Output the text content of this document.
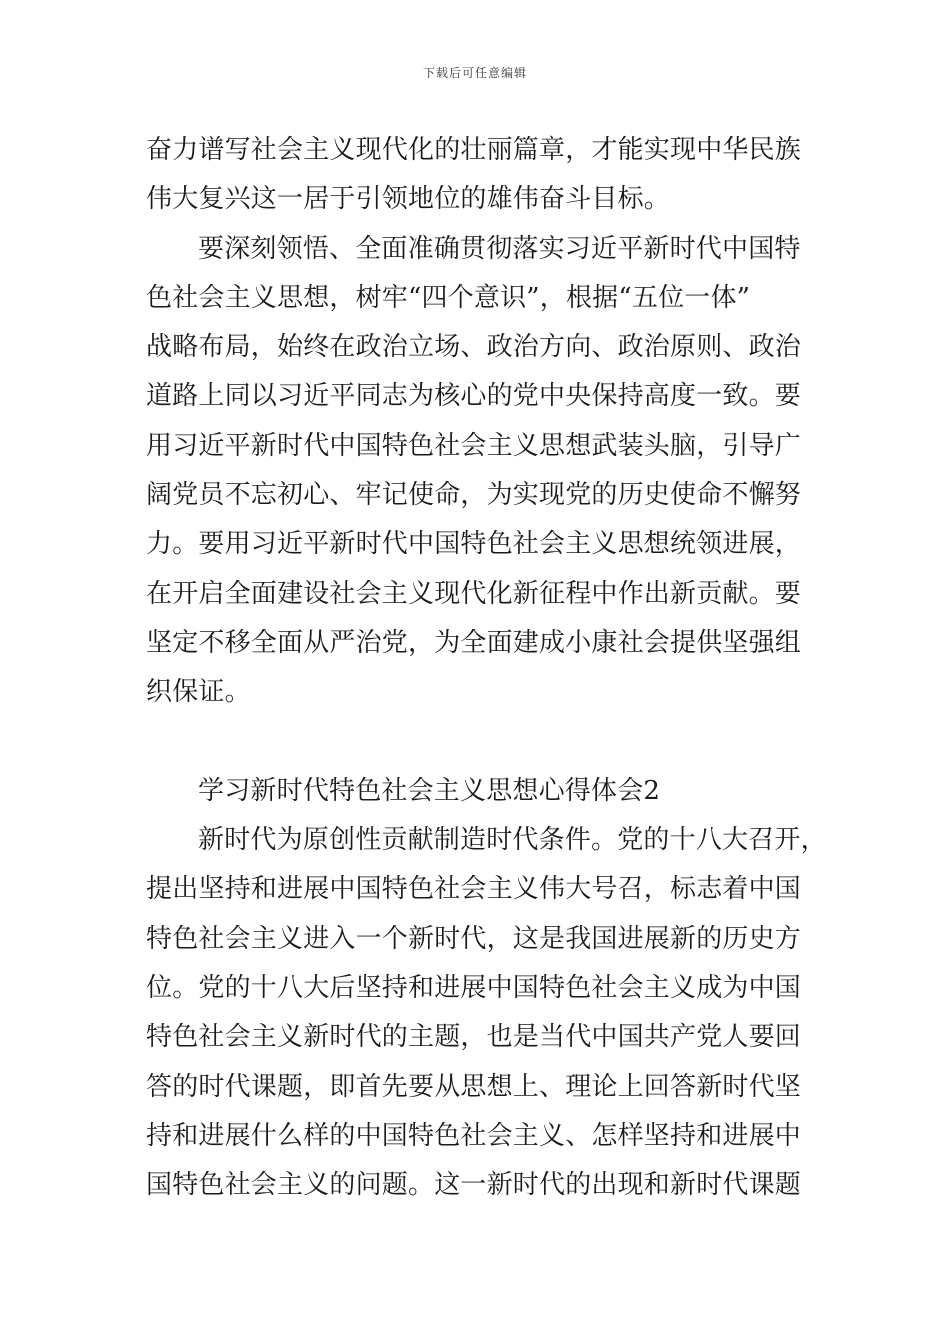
下载后可任意编辑
奋力谱写社会主义现代化的壮丽篇章，才能实现中华民族
伟大复兴这一居于引领地位的雄伟奋斗目标。
要深刻领悟、全面准确贯彻落实习近平新时代中国特
色社会主义思想，树牢“四个意识”，根据“五位一体”
战略布局，始终在政治立场、政治方向、政治原则、政治
道路上同以习近平同志为核心的党中央保持高度一致。要
用习近平新时代中国特色社会主义思想武装头脑，引导广
阔党员不忘初心、牢记使命，为实现党的历史使命不懈努
力。要用习近平新时代中国特色社会主义思想统领进展，
在开启全面建设社会主义现代化新征程中作出新贡献。要
坚定不移全面从严治党，为全面建成小康社会提供坚强组
织保证。
学习新时代特色社会主义思想心得体会2
新时代为原创性贡献制造时代条件。党的十八大召开，
提出坚持和进展中国特色社会主义伟大号召，标志着中国
特色社会主义进入一个新时代，这是我国进展新的历史方
位。党的十八大后坚持和进展中国特色社会主义成为中国
特色社会主义新时代的主题，也是当代中国共产党人要回
答的时代课题，即首先要从思想上、理论上回答新时代坚
持和进展什么样的中国特色社会主义、怎样坚持和进展中
国特色社会主义的问题。这一新时代的出现和新时代课题
